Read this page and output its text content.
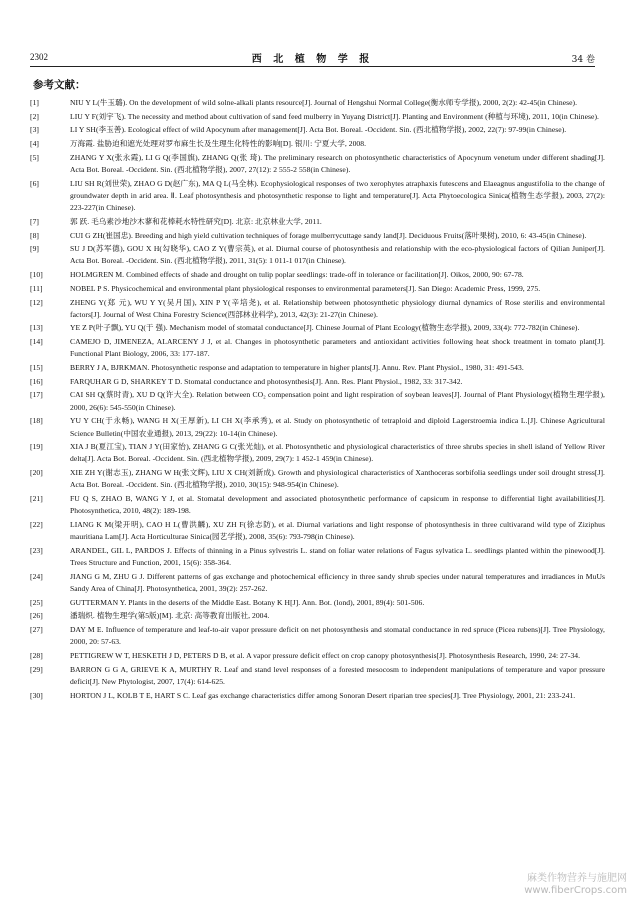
2302	西 北 植 物 学 报	34 卷
参考文献：
[1]	NIU Y L(牛玉璐). On the development of wild solne-alkali plants resource[J]. Journal of Hengshui Normal College(衡水师专学报), 2000, 2(2): 42-45(in Chinese).
[2]	LIU Y F(刘宇飞). The necessity and method about cultivation of sand feed mulberry in Yuyang District[J]. Planting and Environment (种植与环境), 2011, 10(in Chinese).
[3]	LI Y SH(李玉善). Ecological effect of wild Apocynum after management[J]. Acta Bot. Boreal. -Occident. Sin. (西北植物学报), 2002, 22(7): 97-99(in Chinese).
[4]	万海霞. 盐胁迫和遮光处理对罗布麻生长及生理生化特性的影响[D]. 银川: 宁夏大学, 2008.
[5]	ZHANG Y X(张永霞), LI G Q(李国旗), ZHANG Q(张 琦). The preliminary research on photosynthetic characteristics of Apocynum venetum under different shading[J]. Acta Bot. Boreal. -Occident. Sin. (西北植物学报), 2007, 27(12): 2 555-2 558(in Chinese).
[6]	LIU SH R(刘世荣), ZHAO G D(赵广东), MA Q L(马全林). Ecophysiological responses of two xerophytes atraphaxis futescens and Elaeagnus angustifolia to the change of groundwater depth in arid area. Ⅱ. Leaf photosynthesis and photosynthetic response to light and temperature[J]. Acta Phytoecologica Sinica(植物生态学报), 2003, 27(2): 223-227(in Chinese).
[7]	郭 跃. 毛乌素沙地沙木蓼和花棒耗水特性研究[D]. 北京: 北京林业大学, 2011.
[8]	CUI G ZH(崔国忠). Breeding and high yield cultivation techniques of forage mulberrycuttage sandy land[J]. Deciduous Fruits(落叶果树), 2010, 6: 43-45(in Chinese).
[9]	SU J D(苏军德), GOU X H(勾晓华), CAO Z Y(曹宗英), et al. Diurnal course of photosynthesis and relationship with the eco-physiological factors of Qilian Juniper[J]. Acta Bot. Boreal. -Occident. Sin. (西北植物学报), 2011, 31(5): 1 011-1 017(in Chinese).
[10]	HOLMGREN M. Combined effects of shade and drought on tulip poplar seedlings: trade-off in tolerance or facilitation[J]. Oikos, 2000, 90: 67-78.
[11]	NOBEL P S. Physicochemical and environmental plant physiological responses to environmental parameters[J]. San Diego: Academic Press, 1999, 275.
[12]	ZHENG Y(郑 元), WU Y Y(吴月国), XIN P Y(辛培尧), et al. Relationship between photosynthetic physiology diurnal dynamics of Rose sterilis and environmental factors[J]. Journal of West China Forestry Science(西部林业科学), 2013, 42(3): 21-27(in Chinese).
[13]	YE Z P(叶子飘), YU Q(于 强). Mechanism model of stomatal conductance[J]. Chinese Journal of Plant Ecology(植物生态学报), 2009, 33(4): 772-782(in Chinese).
[14]	CAMEJO D, JIMENEZA, ALARCENY J J, et al. Changes in photosynthetic parameters and antioxidant activities following heat shock treatment in tomato plant[J]. Functional Plant Biology, 2006, 33: 177-187.
[15]	BERRY J A, BJRKMAN. Photosynthetic response and adaptation to temperature in higher plants[J]. Annu. Rev. Plant Physiol., 1980, 31: 491-543.
[16]	FARQUHAR G D, SHARKEY T D. Stomatal conductance and photosynthesis[J]. Ann. Res. Plant Physiol., 1982, 33: 317-342.
[17]	CAI SH Q(蔡时青), XU D Q(许大全). Relation between CO₂ compensation point and light respiration of soybean leaves[J]. Journal of Plant Physiology(植物生理学报), 2000, 26(6): 545-550(in Chinese).
[18]	YU Y CH(于永畅), WANG H X(王厚新), LI CH X(李承秀), et al. Study on photosynthetic of tetraploid and diploid Lagerstroemia indica L.[J]. Chinese Agricultural Science Bulletin(中国农业通报), 2013, 29(22): 10-14(in Chinese).
[19]	XIA J B(夏江宝), TIAN J Y(田家怡), ZHANG G C(张光灿), et al. Photosynthetic and physiological characteristics of three shrubs species in shell island of Yellow River delta[J]. Acta Bot. Boreal. -Occident. Sin. (西北植物学报), 2009, 29(7): 1 452-1 459(in Chinese).
[20]	XIE ZH Y(谢志玉), ZHANG W H(张文辉), LIU X CH(刘新成). Growth and physiological characteristics of Xanthoceras sorbifolia seedlings under soil drought stress[J]. Acta Bot. Boreal. -Occident. Sin. (西北植物学报), 2010, 30(15): 948-954(in Chinese).
[21]	FU Q S, ZHAO B, WANG Y J, et al. Stomatal development and associated photosynthetic performance of capsicum in response to differential light availabilities[J]. Photosynthetica, 2010, 48(2): 189-198.
[22]	LIANG K M(梁开明), CAO H L(曹洪麟), XU ZH F(徐志防), et al. Diurnal variations and light response of photosynthesis in three cultivarand wild type of Ziziphus mauritiana Lam[J]. Acta Horticulturae Sinica(园艺学报), 2008, 35(6): 793-798(in Chinese).
[23]	ARANDEL, GIL L, PARDOS J. Effects of thinning in a Pinus sylvestris L. stand on foliar water relations of Fagus sylvatica L. seedlings planted within the pinewood[J]. Trees Structure and Function, 2001, 15(6): 358-364.
[24]	JIANG G M, ZHU G J. Different patterns of gas exchange and photochemical efficiency in three sandy shrub species under natural temperatures and irradiances in MuUs Sandy Area of China[J]. Photosynthetica, 2001, 39(2): 257-262.
[25]	GUTTERMAN Y. Plants in the deserts of the Middle East. Botany K H[J]. Ann. Bot. (lond), 2001, 89(4): 501-506.
[26]	潘瑞炽. 植物生理学(第5版)[M]. 北京: 高等教育出版社, 2004.
[27]	DAY M E. Influence of temperature and leaf-to-air vapor pressure deficit on net photosynthesis and stomatal conductance in red spruce (Picea rubens)[J]. Tree Physiology, 2000, 20: 57-63.
[28]	PETTIGREW W T, HESKETH J D, PETERS D B, et al. A vapor pressure deficit effect on crop canopy photosynthesis[J]. Photosynthesis Research, 1990, 24: 27-34.
[29]	BARRON G G A, GRIEVE K A, MURTHY R. Leaf and stand level responses of a forested mesocosm to independent manipulations of temperature and vapor pressure deficit[J]. New Phytologist, 2007, 17(4): 614-625.
[30]	HORTON J L, KOLB T E, HART S C. Leaf gas exchange characteristics differ among Sonoran Desert riparian tree species[J]. Tree Physiology, 2001, 21: 233-241.
麻类作物营养与施肥网
www.fiberCrops.com
